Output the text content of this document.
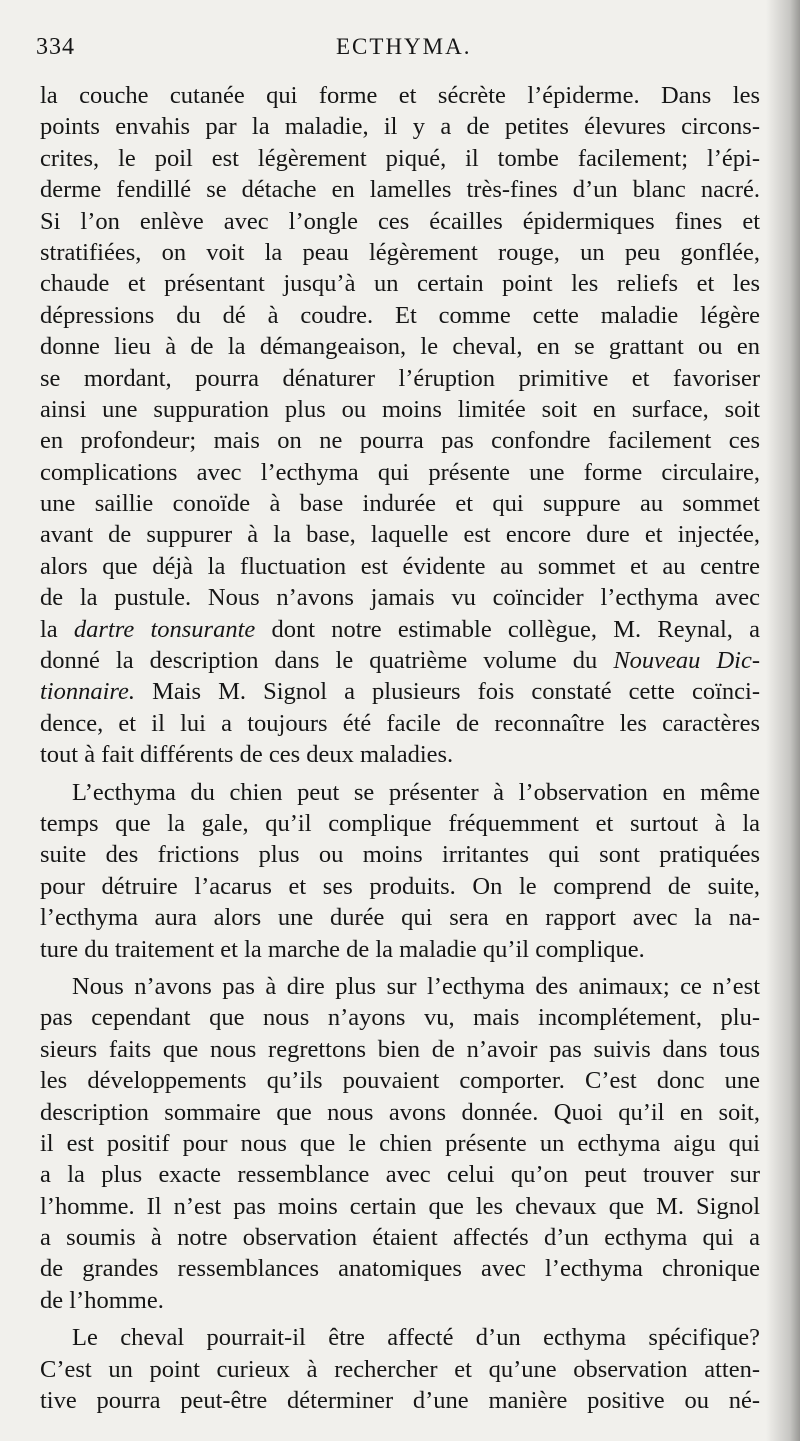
334	ECTHYMA.
la couche cutanée qui forme et sécrète l’épiderme. Dans les
points envahis par la maladie, il y a de petites élevures circons-
crites, le poil est légèrement piqué, il tombe facilement; l’épi-
derme fendillé se détache en lamelles très-fines d’un blanc nacré.
Si l’on enlève avec l’ongle ces écailles épidermiques fines et
stratifiées, on voit la peau légèrement rouge, un peu gonflée,
chaude et présentant jusqu’à un certain point les reliefs et les
dépressions du dé à coudre. Et comme cette maladie légère
donne lieu à de la démangeaison, le cheval, en se grattant ou en
se mordant, pourra dénaturer l’éruption primitive et favoriser
ainsi une suppuration plus ou moins limitée soit en surface, soit
en profondeur; mais on ne pourra pas confondre facilement ces
complications avec l’ecthyma qui présente une forme circulaire,
une saillie conoïde à base indurée et qui suppure au sommet
avant de suppurer à la base, laquelle est encore dure et injectée,
alors que déjà la fluctuation est évidente au sommet et au centre
de la pustule. Nous n’avons jamais vu coïncider l’ecthyma avec
la dartre tonsurante dont notre estimable collègue, M. Reynal, a
donné la description dans le quatrième volume du Nouveau Dic-
tionnaire. Mais M. Signol a plusieurs fois constaté cette coïnci-
dence, et il lui a toujours été facile de reconnaître les caractères
tout à fait différents de ces deux maladies.
L’ecthyma du chien peut se présenter à l’observation en même
temps que la gale, qu’il complique fréquemment et surtout à la
suite des frictions plus ou moins irritantes qui sont pratiquées
pour détruire l’acarus et ses produits. On le comprend de suite,
l’ecthyma aura alors une durée qui sera en rapport avec la na-
ture du traitement et la marche de la maladie qu’il complique.
Nous n’avons pas à dire plus sur l’ecthyma des animaux; ce n’est
pas cependant que nous n’ayons vu, mais incomplétement, plu-
sieurs faits que nous regrettons bien de n’avoir pas suivis dans tous
les développements qu’ils pouvaient comporter. C’est donc une
description sommaire que nous avons donnée. Quoi qu’il en soit,
il est positif pour nous que le chien présente un ecthyma aigu qui
a la plus exacte ressemblance avec celui qu’on peut trouver sur
l’homme. Il n’est pas moins certain que les chevaux que M. Signol
a soumis à notre observation étaient affectés d’un ecthyma qui a
de grandes ressemblances anatomiques avec l’ecthyma chronique
de l’homme.
Le cheval pourrait-il être affecté d’un ecthyma spécifique?
C’est un point curieux à rechercher et qu’une observation atten-
tive pourra peut-être déterminer d’une manière positive ou né-
